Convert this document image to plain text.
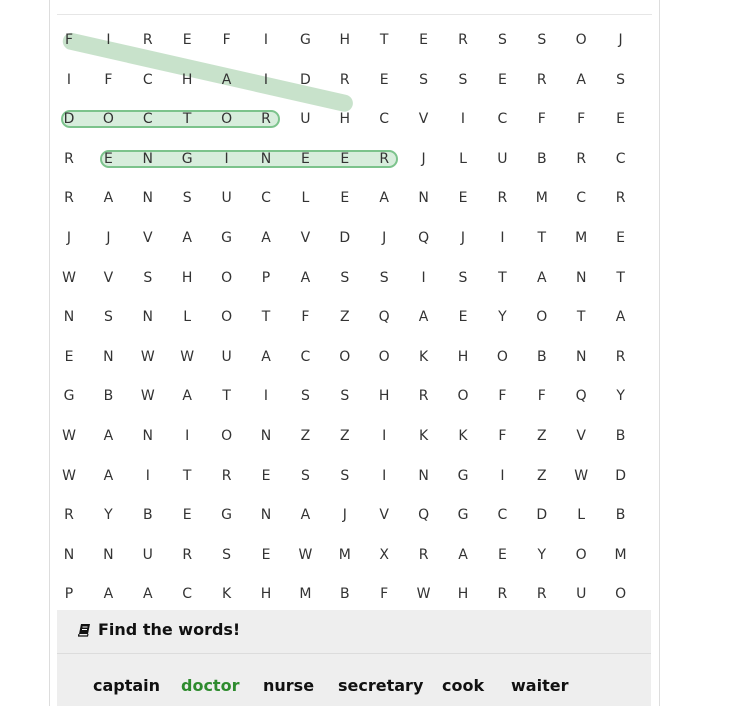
F	I	R	E	F	I	G	H	T	E	R	S	S	O	J
I	F	C	H	A	I	D	R	E	S	S	E	R	A	S
D	O	C	T	O	R	U	H	C	V	I	C	F	F	E
R	E	N	G	I	N	E	E	R	J	L	U	B	R	C
R	A	N	S	U	C	L	E	A	N	E	R	M	C	R
J	J	V	A	G	A	V	D	J	Q	J	I	T	M	E
W	V	S	H	O	P	A	S	S	I	S	T	A	N	T
N	S	N	L	O	T	F	Z	Q	A	E	Y	O	T	A
E	N	W	W	U	A	C	O	O	K	H	O	B	N	R
G	B	W	A	T	I	S	S	H	R	O	F	F	Q	Y
W	A	N	I	O	N	Z	Z	I	K	K	F	Z	V	B
W	A	I	T	R	E	S	S	I	N	G	I	Z	W	D
R	Y	B	E	G	N	A	J	V	Q	G	C	D	L	B
N	N	U	R	S	E	W	M	X	R	A	E	Y	O	M
P	A	A	C	K	H	M	B	F	W	H	R	R	U	O
Find the words!
captain doctor nurse secretary cook waiter
